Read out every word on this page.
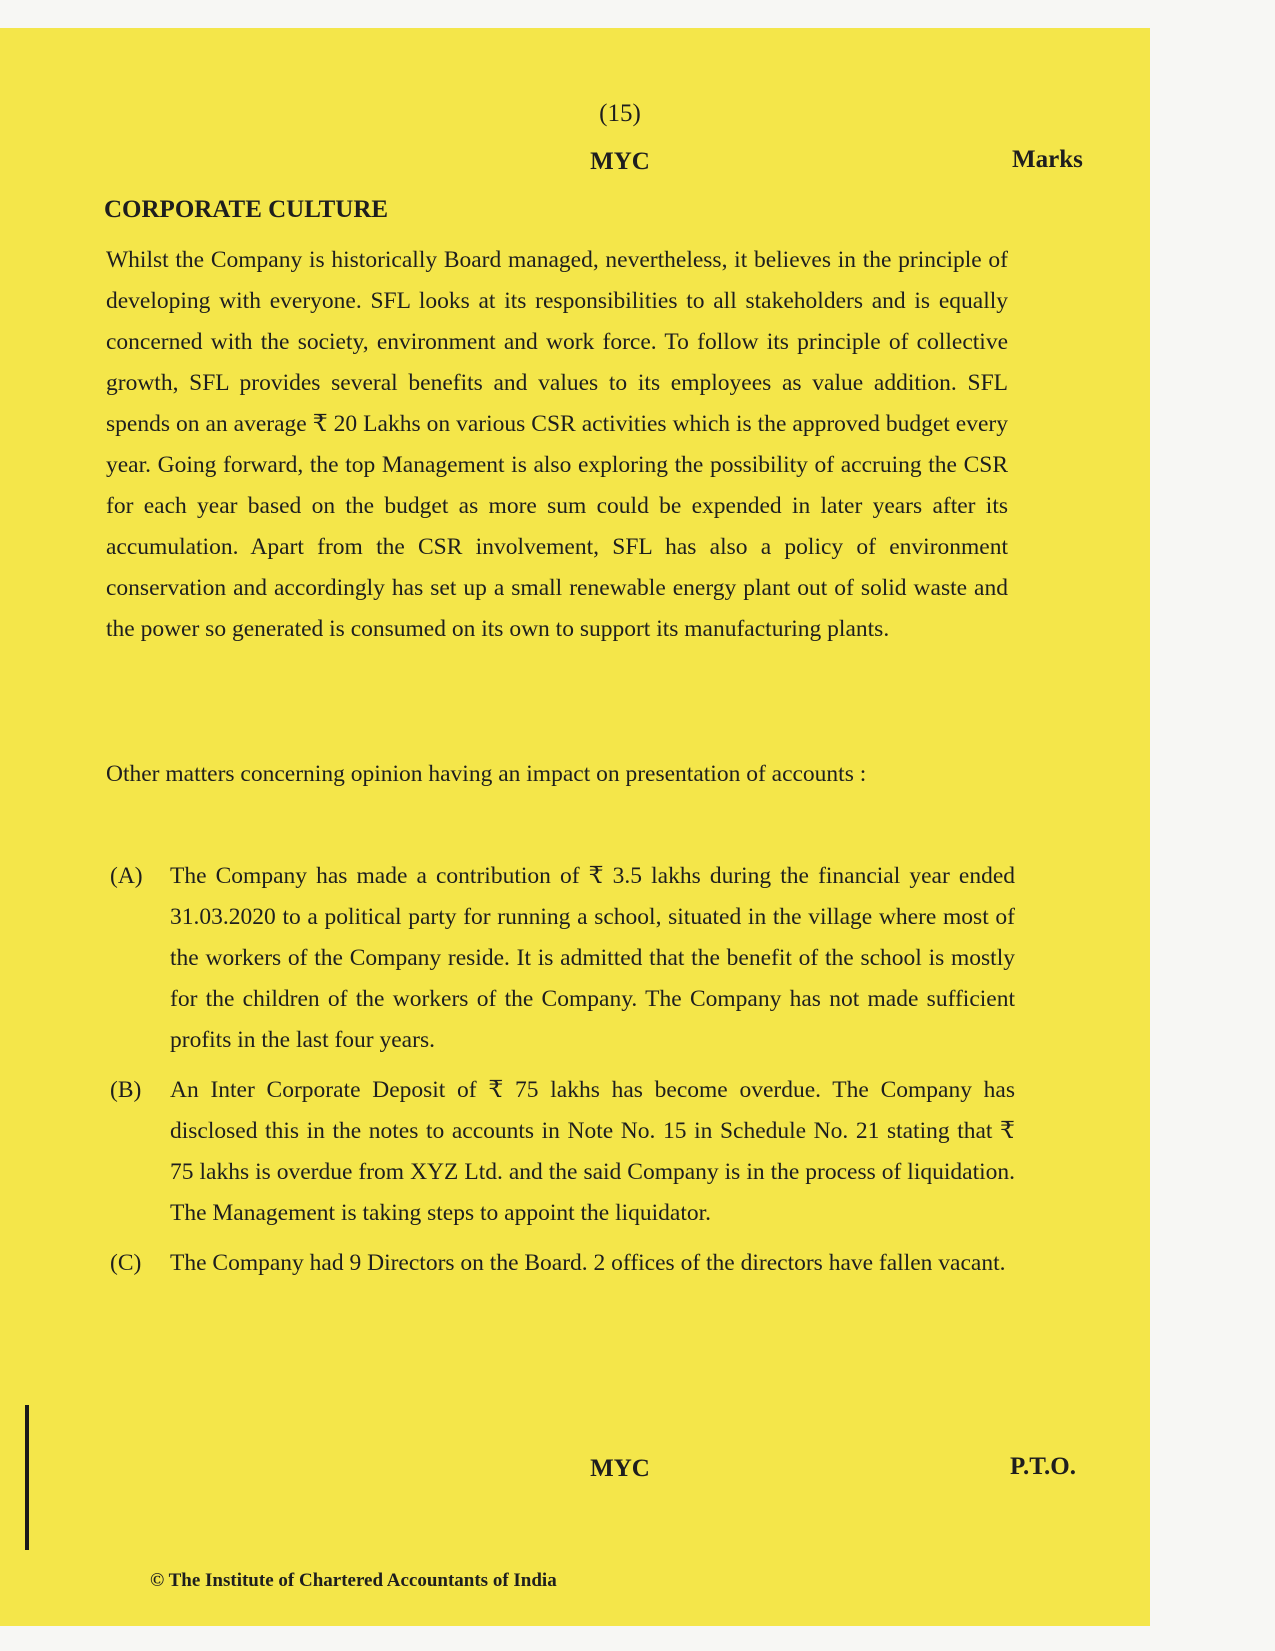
(15)
MYC	Marks
CORPORATE CULTURE
Whilst the Company is historically Board managed, nevertheless, it believes in the principle of developing with everyone. SFL looks at its responsibilities to all stakeholders and is equally concerned with the society, environment and work force. To follow its principle of collective growth, SFL provides several benefits and values to its employees as value addition. SFL spends on an average ₹ 20 Lakhs on various CSR activities which is the approved budget every year. Going forward, the top Management is also exploring the possibility of accruing the CSR for each year based on the budget as more sum could be expended in later years after its accumulation. Apart from the CSR involvement, SFL has also a policy of environment conservation and accordingly has set up a small renewable energy plant out of solid waste and the power so generated is consumed on its own to support its manufacturing plants.
Other matters concerning opinion having an impact on presentation of accounts :
(A)	The Company has made a contribution of ₹ 3.5 lakhs during the financial year ended 31.03.2020 to a political party for running a school, situated in the village where most of the workers of the Company reside. It is admitted that the benefit of the school is mostly for the children of the workers of the Company. The Company has not made sufficient profits in the last four years.
(B)	An Inter Corporate Deposit of ₹ 75 lakhs has become overdue. The Company has disclosed this in the notes to accounts in Note No. 15 in Schedule No. 21 stating that ₹ 75 lakhs is overdue from XYZ Ltd. and the said Company is in the process of liquidation. The Management is taking steps to appoint the liquidator.
(C)	The Company had 9 Directors on the Board. 2 offices of the directors have fallen vacant.
MYC	P.T.O.
© The Institute of Chartered Accountants of India
